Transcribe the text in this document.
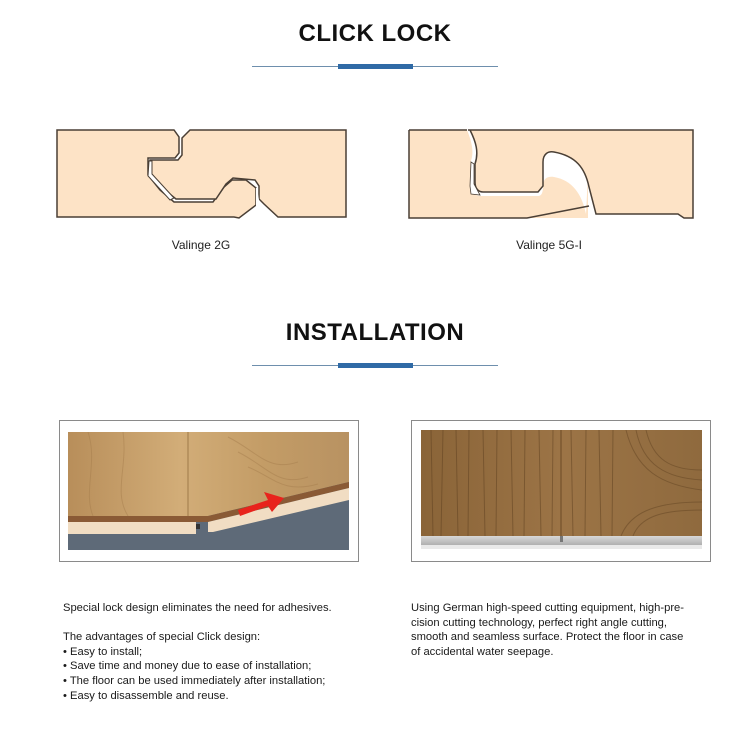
CLICK LOCK
Valinge 2G	Valinge 5G-I
INSTALLATION

Special lock design eliminates the need for adhesives.

The advantages of special Click design:

• Easy to install;

• Save time and money due to ease of installation;

• The floor can be used immediately after installation;

• Easy to disassemble and reuse.

Using German high-speed cutting equipment, high-pre-

cision cutting technology, perfect right angle cutting,

smooth and seamless surface. Protect the floor in case

of accidental water seepage.
